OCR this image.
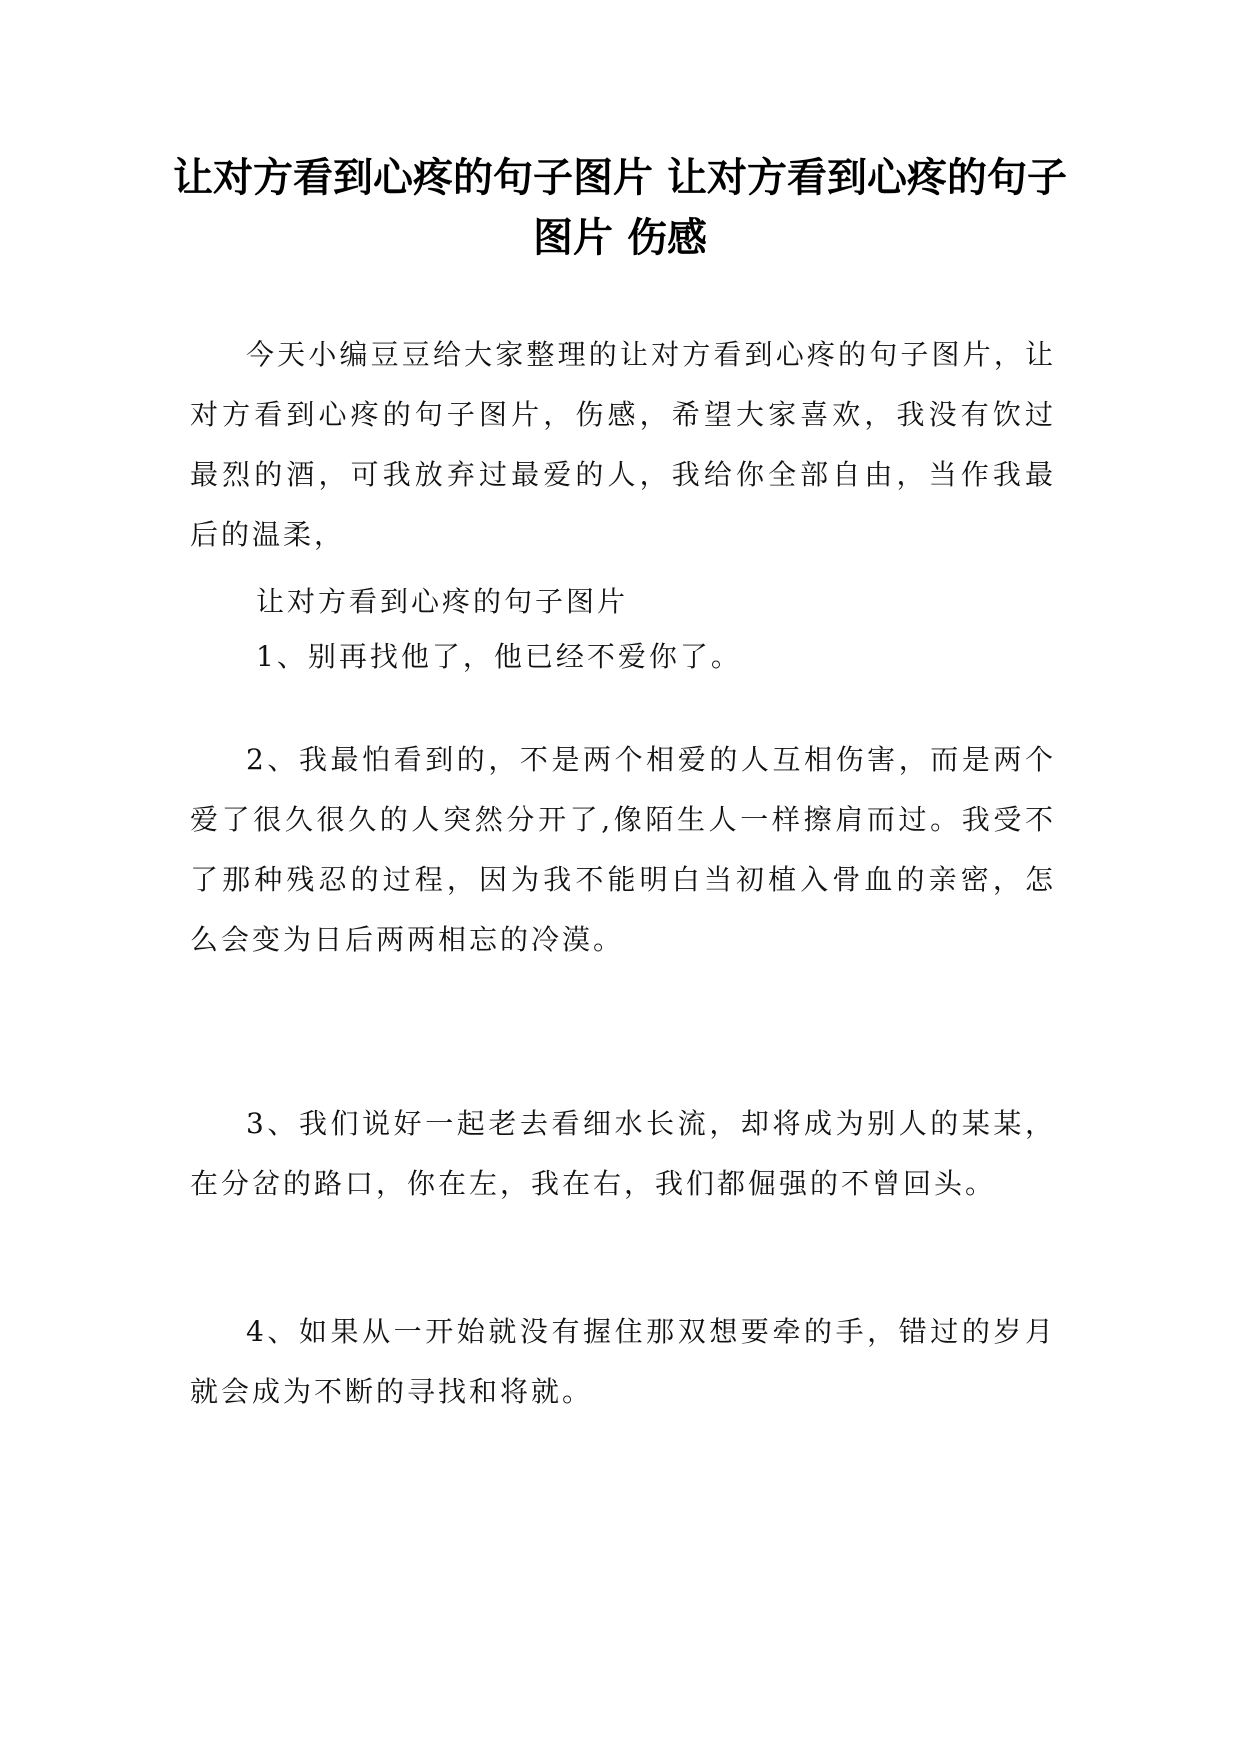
让对方看到心疼的句子图片 让对方看到心疼的句子图片 伤感

今天小编豆豆给大家整理的让对方看到心疼的句子图片，让对方看到心疼的句子图片，伤感，希望大家喜欢，我没有饮过最烈的酒，可我放弃过最爱的人，我给你全部自由，当作我最后的温柔，

让对方看到心疼的句子图片

1、别再找他了，他已经不爱你了。

2、我最怕看到的，不是两个相爱的人互相伤害，而是两个爱了很久很久的人突然分开了,像陌生人一样擦肩而过。我受不了那种残忍的过程，因为我不能明白当初植入骨血的亲密，怎么会变为日后两两相忘的冷漠。

3、我们说好一起老去看细水长流，却将成为别人的某某，在分岔的路口，你在左，我在右，我们都倔强的不曾回头。

4、如果从一开始就没有握住那双想要牵的手，错过的岁月就会成为不断的寻找和将就。
